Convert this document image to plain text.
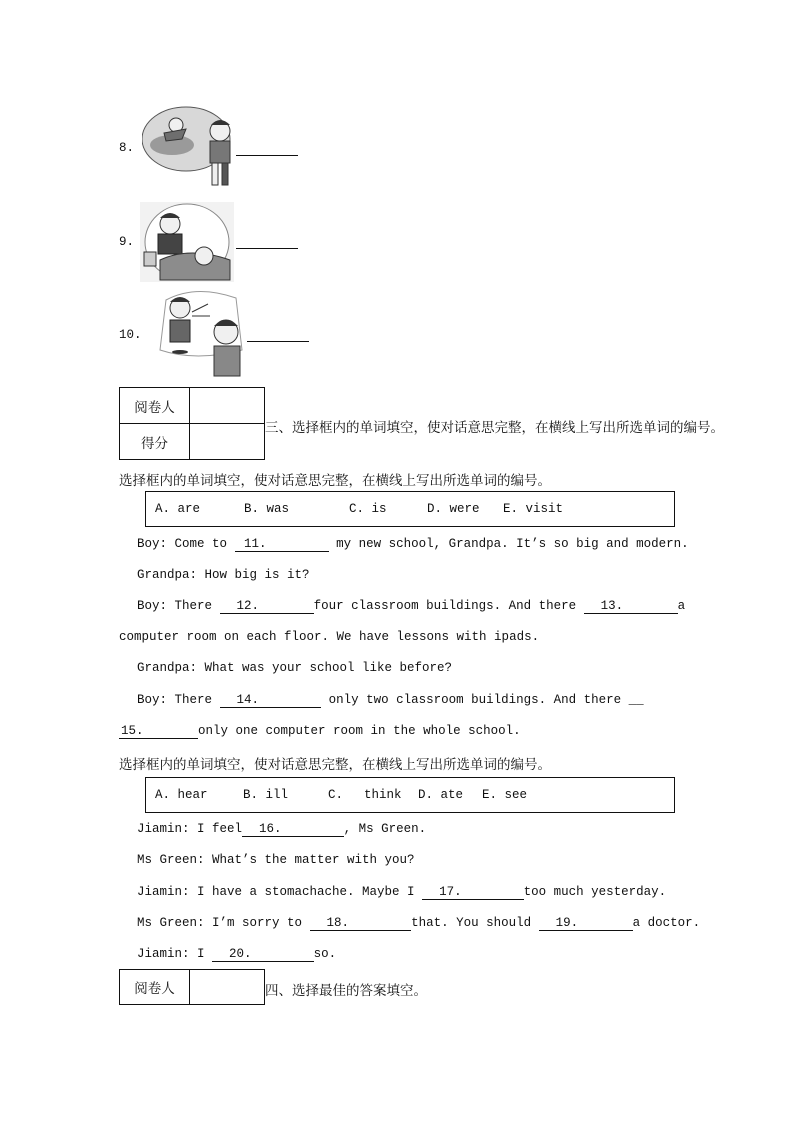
8.
9.
10.
阅卷人	
得分	
三、选择框内的单词填空，使对话意思完整，在横线上写出所选单词的编号。
选择框内的单词填空，使对话意思完整，在横线上写出所选单词的编号。
A. are	B. was	C. is	D. were E. visit
Boy: Come to  11.	my new school, Grandpa. It’s so big and modern.
Grandpa: How big is it?
Boy: There   12.	four classroom buildings. And there   13.	a
computer room on each floor. We have lessons with ipads.
Grandpa: What was your school like before?
Boy: There   14.	only two classroom buildings. And there __
15.	only one computer room in the whole school.
选择框内的单词填空，使对话意思完整，在横线上写出所选单词的编号。
A. hear	B. ill	C. think D. ate E. see
Jiamin: I feel 16.	, Ms Green.
Ms Green: What’s the matter with you?
Jiamin: I have a stomachache. Maybe I   17.	too much yesterday.
Ms Green: I’m sorry to   18.	that. You should   19.	a doctor.
Jiamin: I   20.	so.
阅卷人		四、选择最佳的答案填空。
